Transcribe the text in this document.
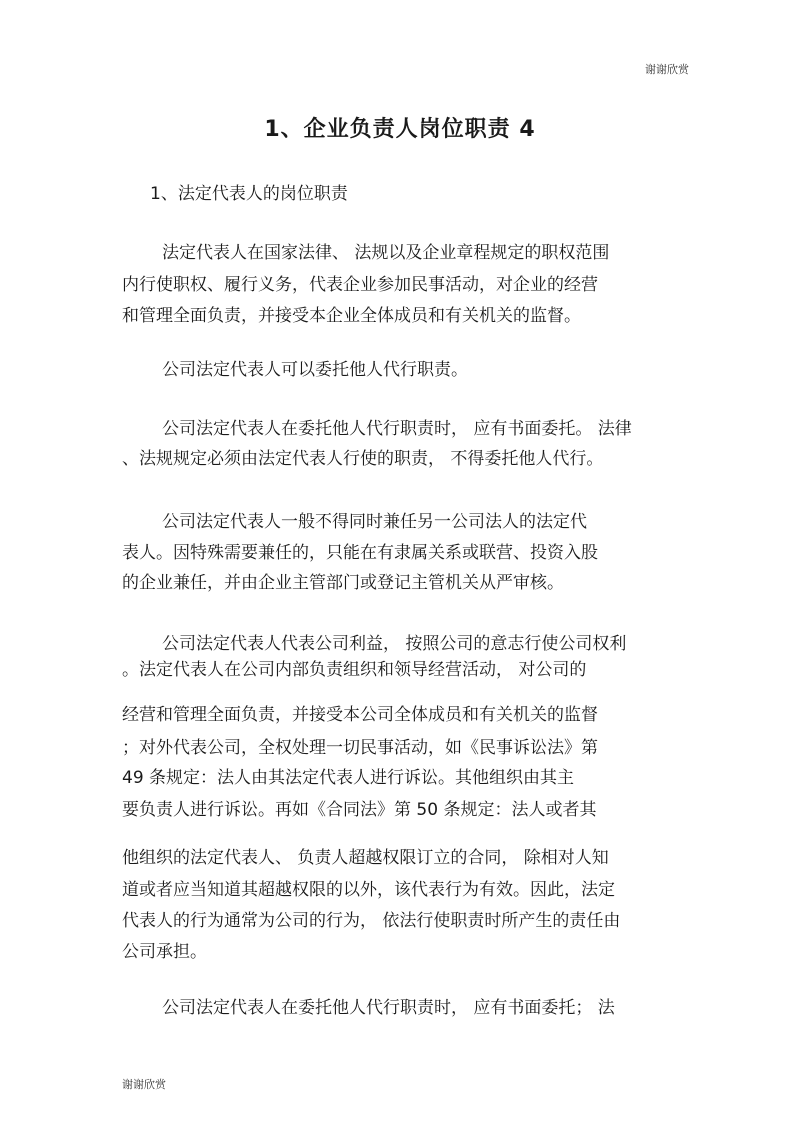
谢谢欣赏
1、企业负责人岗位职责 4
1、法定代表人的岗位职责
法定代表人在国家法律、 法规以及企业章程规定的职权范围
内行使职权、履行义务，代表企业参加民事活动，对企业的经营
和管理全面负责，并接受本企业全体成员和有关机关的监督。
公司法定代表人可以委托他人代行职责。
公司法定代表人在委托他人代行职责时， 应有书面委托。 法律
、法规规定必须由法定代表人行使的职责， 不得委托他人代行。
公司法定代表人一般不得同时兼任另一公司法人的法定代
表人。因特殊需要兼任的，只能在有隶属关系或联营、投资入股
的企业兼任，并由企业主管部门或登记主管机关从严审核。
公司法定代表人代表公司利益， 按照公司的意志行使公司权利
。法定代表人在公司内部负责组织和领导经营活动， 对公司的
经营和管理全面负责，并接受本公司全体成员和有关机关的监督
；对外代表公司，全权处理一切民事活动，如《民事诉讼法》第
49 条规定：法人由其法定代表人进行诉讼。其他组织由其主
要负责人进行诉讼。再如《合同法》第 50 条规定：法人或者其
他组织的法定代表人、 负责人超越权限订立的合同， 除相对人知
道或者应当知道其超越权限的以外，该代表行为有效。因此，法定
代表人的行为通常为公司的行为， 依法行使职责时所产生的责任由
公司承担。
公司法定代表人在委托他人代行职责时， 应有书面委托； 法
谢谢欣赏
